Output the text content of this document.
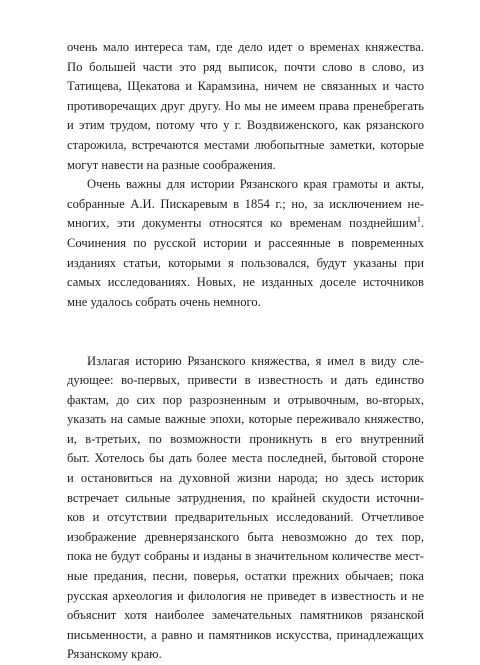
очень мало интереса там, где дело идет о временах княжества.
По большей части это ряд выписок, почти слово в слово, из
Татищева, Щекатова и Карамзина, ничем не связанных и часто
противоречащих друг другу. Но мы не имеем права пренебрегать
и этим трудом, потому что у г. Воздвиженского, как рязанского
старожила, встречаются местами любопытные заметки, которые
могут навести на разные соображения.

Очень важны для истории Рязанского края грамоты и акты,
собранные А.И. Пискаревым в 1854 г.; но, за исключением не-
многих, эти документы относятся ко временам позднейшим$^1$.
Сочинения по русской истории и рассеянные в повременных
изданиях статьи, которыми я пользовался, будут указаны при
самых исследованиях. Новых, не изданных доселе источников
мне удалось собрать очень немного.

Излагая историю Рязанского княжества, я имел в виду сле-
дующее: во-первых, привести в известность и дать единство
фактам, до сих пор разрозненным и отрывочным, во-вторых,
указать на самые важные эпохи, которые переживало княжество,
и, в-третьих, по возможности проникнуть в его внутренний
быт. Хотелось бы дать более места последней, бытовой стороне
и остановиться на духовной жизни народа; но здесь историк
встречает сильные затруднения, по крайней скудости источни-
ков и отсутствии предварительных исследований. Отчетливое
изображение древнерязанского быта невозможно до тех пор,
пока не будут собраны и изданы в значительном количестве мест-
ные предания, песни, поверья, остатки прежних обычаев; пока
русская археология и филология не приведет в известность и не
объяснит хотя наиболее замечательных памятников рязанской
письменности, а равно и памятников искусства, принадлежащих
Рязанскому краю.
